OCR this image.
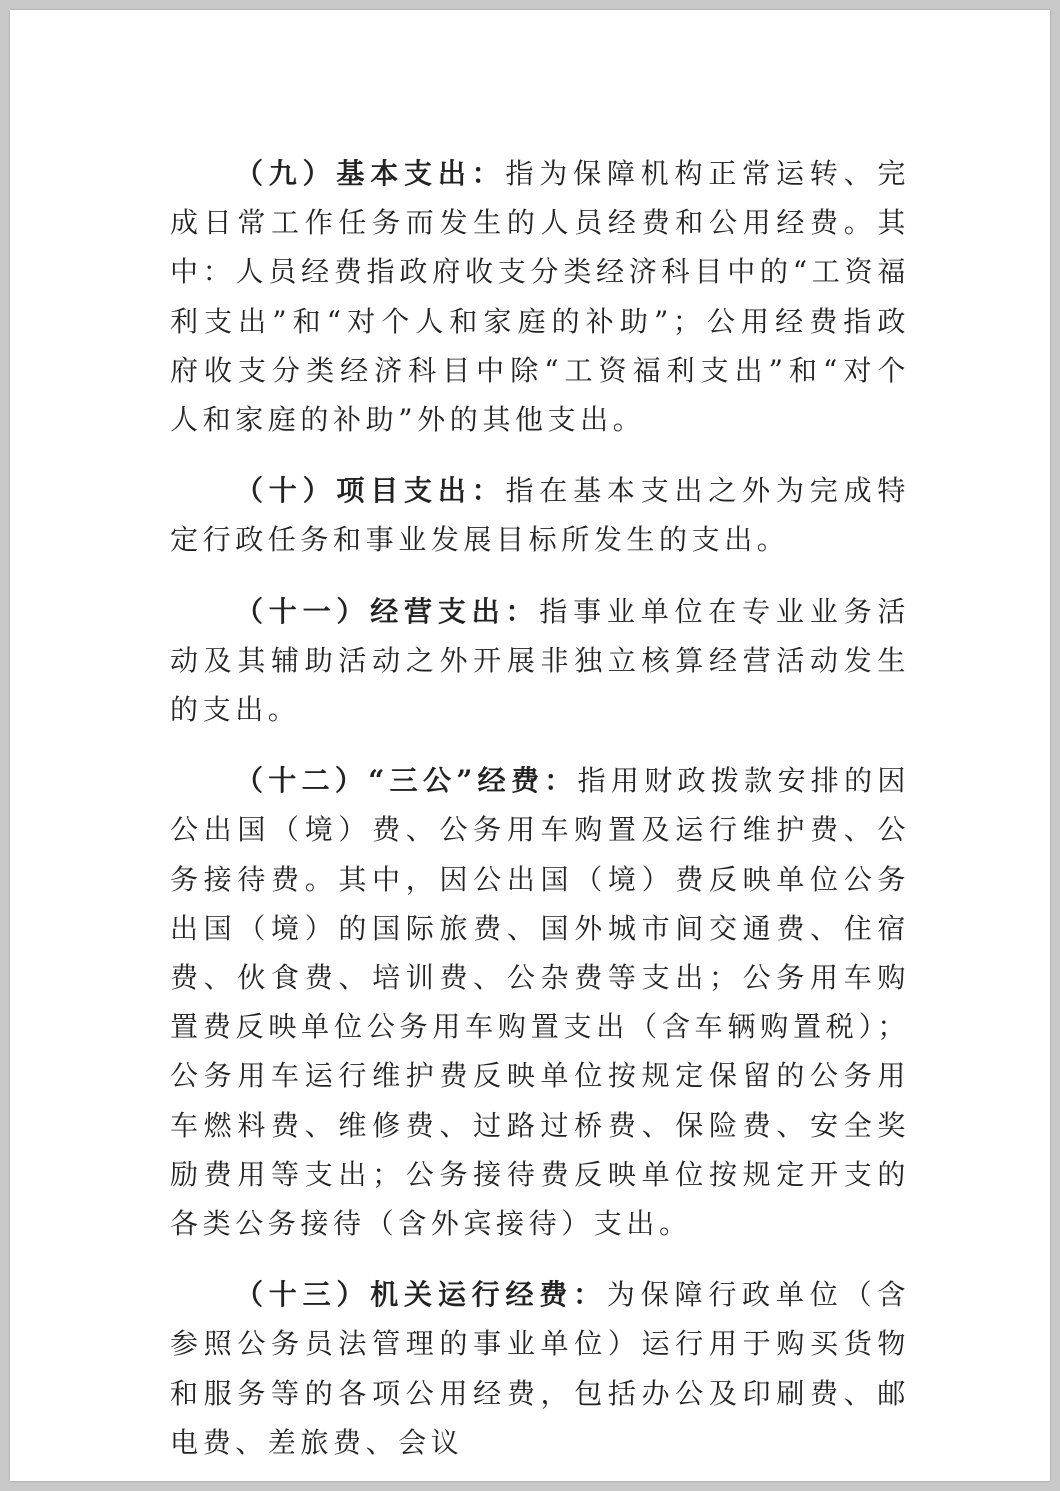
（九）基本支出：指为保障机构正常运转、完成日常工作任务而发生的人员经费和公用经费。其中：人员经费指政府收支分类经济科目中的“工资福利支出”和“对个人和家庭的补助”；公用经费指政府收支分类经济科目中除“工资福利支出”和“对个人和家庭的补助”外的其他支出。

（十）项目支出：指在基本支出之外为完成特定行政任务和事业发展目标所发生的支出。

（十一）经营支出：指事业单位在专业业务活动及其辅助活动之外开展非独立核算经营活动发生的支出。

（十二）“三公”经费：指用财政拨款安排的因公出国（境）费、公务用车购置及运行维护费、公务接待费。其中，因公出国（境）费反映单位公务出国（境）的国际旅费、国外城市间交通费、住宿费、伙食费、培训费、公杂费等支出；公务用车购置费反映单位公务用车购置支出（含车辆购置税）；公务用车运行维护费反映单位按规定保留的公务用车燃料费、维修费、过路过桥费、保险费、安全奖励费用等支出；公务接待费反映单位按规定开支的各类公务接待（含外宾接待）支出。

（十三）机关运行经费：为保障行政单位（含参照公务员法管理的事业单位）运行用于购买货物和服务等的各项公用经费，包括办公及印刷费、邮电费、差旅费、会议
